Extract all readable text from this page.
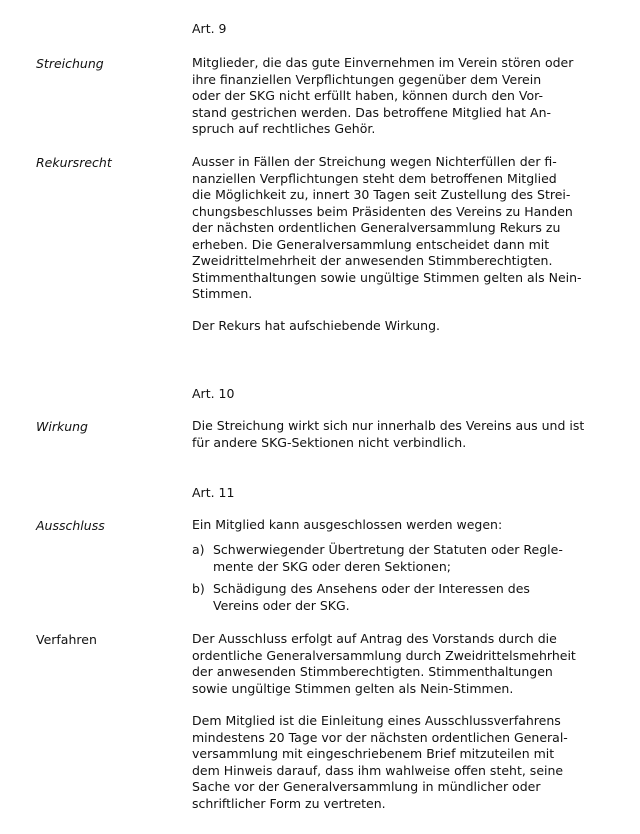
Art. 9

Streichung	Mitglieder, die das gute Einvernehmen im Verein stören oder
ihre finanziellen Verpflichtungen gegenüber dem Verein
oder der SKG nicht erfüllt haben, können durch den Vor-
stand gestrichen werden. Das betroffene Mitglied hat An-
spruch auf rechtliches Gehör.

Rekursrecht	Ausser in Fällen der Streichung wegen Nichterfüllen der fi-
nanziellen Verpflichtungen steht dem betroffenen Mitglied
die Möglichkeit zu, innert 30 Tagen seit Zustellung des Strei-
chungsbeschlusses beim Präsidenten des Vereins zu Handen
der nächsten ordentlichen Generalversammlung Rekurs zu
erheben. Die Generalversammlung entscheidet dann mit
Zweidrittelmehrheit der anwesenden Stimmberechtigten.
Stimmenthaltungen sowie ungültige Stimmen gelten als Nein-
Stimmen.

Der Rekurs hat aufschiebende Wirkung.

Art. 10

Wirkung	Die Streichung wirkt sich nur innerhalb des Vereins aus und ist
für andere SKG-Sektionen nicht verbindlich.

Art. 11

Ausschluss	Ein Mitglied kann ausgeschlossen werden wegen:

a) Schwerwiegender Übertretung der Statuten oder Regle-
mente der SKG oder deren Sektionen;
b) Schädigung des Ansehens oder der Interessen des
Vereins oder der SKG.

Verfahren	Der Ausschluss erfolgt auf Antrag des Vorstands durch die
ordentliche Generalversammlung durch Zweidrittelsmehrheit
der anwesenden Stimmberechtigten. Stimmenthaltungen
sowie ungültige Stimmen gelten als Nein-Stimmen.
Dem Mitglied ist die Einleitung eines Ausschlussverfahrens
mindestens 20 Tage vor der nächsten ordentlichen General-
versammlung mit eingeschriebenem Brief mitzuteilen mit
dem Hinweis darauf, dass ihm wahlweise offen steht, seine
Sache vor der Generalversammlung in mündlicher oder
schriftlicher Form zu vertreten.
